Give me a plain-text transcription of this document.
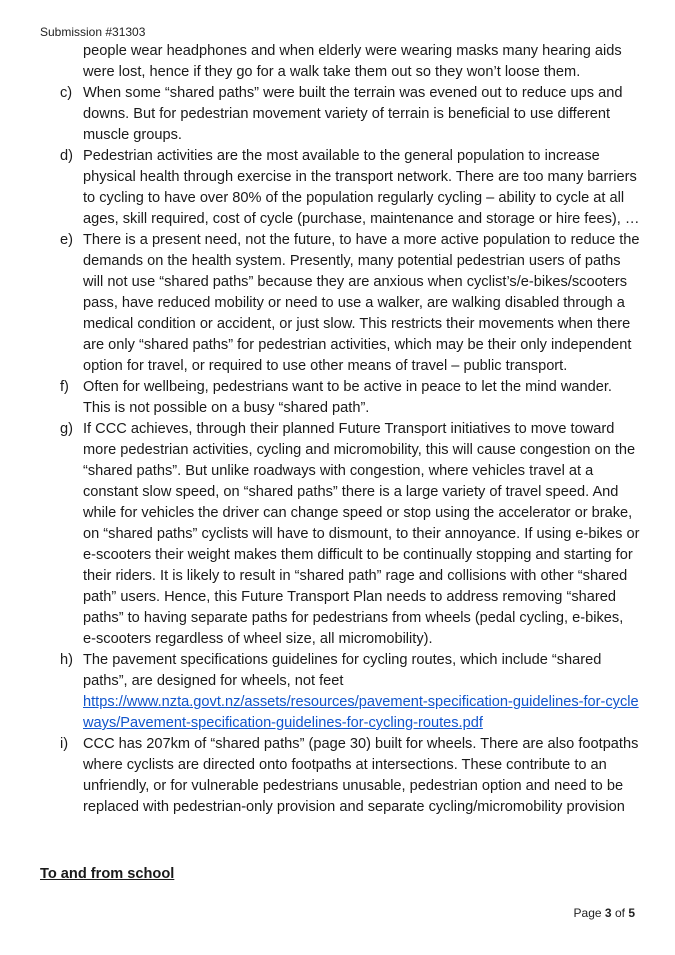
Submission #31303

people wear headphones and when elderly were wearing masks many hearing aids were lost, hence if they go for a walk take them out so they won’t loose them.

c) When some “shared paths” were built the terrain was evened out to reduce ups and downs. But for pedestrian movement variety of terrain is beneficial to use different muscle groups.
d) Pedestrian activities are the most available to the general population to increase physical health through exercise in the transport network. There are too many barriers to cycling to have over 80% of the population regularly cycling – ability to cycle at all ages, skill required, cost of cycle (purchase, maintenance and storage or hire fees), …
e) There is a present need, not the future, to have a more active population to reduce the demands on the health system. Presently, many potential pedestrian users of paths will not use “shared paths” because they are anxious when cyclist’s/e-bikes/scooters pass, have reduced mobility or need to use a walker, are walking disabled through a medical condition or accident, or just slow. This restricts their movements when there are only “shared paths” for pedestrian activities, which may be their only independent option for travel, or required to use other means of travel – public transport.
f) Often for wellbeing, pedestrians want to be active in peace to let the mind wander. This is not possible on a busy “shared path”.
g) If CCC achieves, through their planned Future Transport initiatives to move toward more pedestrian activities, cycling and micromobility, this will cause congestion on the “shared paths”. But unlike roadways with congestion, where vehicles travel at a constant slow speed, on “shared paths” there is a large variety of travel speed. And while for vehicles the driver can change speed or stop using the accelerator or brake, on “shared paths” cyclists will have to dismount, to their annoyance. If using e-bikes or e-scooters their weight makes them difficult to be continually stopping and starting for their riders. It is likely to result in “shared path” rage and collisions with other “shared path” users. Hence, this Future Transport Plan needs to address removing “shared paths” to having separate paths for pedestrians from wheels (pedal cycling, e-bikes, e-scooters regardless of wheel size, all micromobility).
h) The pavement specifications guidelines for cycling routes, which include “shared paths”, are designed for wheels, not feet
https://www.nzta.govt.nz/assets/resources/pavement-specification-guidelines-for-cycleways/Pavement-specification-guidelines-for-cycling-routes.pdf
i) CCC has 207km of “shared paths” (page 30) built for wheels. There are also footpaths where cyclists are directed onto footpaths at intersections. These contribute to an unfriendly, or for vulnerable pedestrians unusable, pedestrian option and need to be replaced with pedestrian-only provision and separate cycling/micromobility provision
To and from school
Page 3 of 5
